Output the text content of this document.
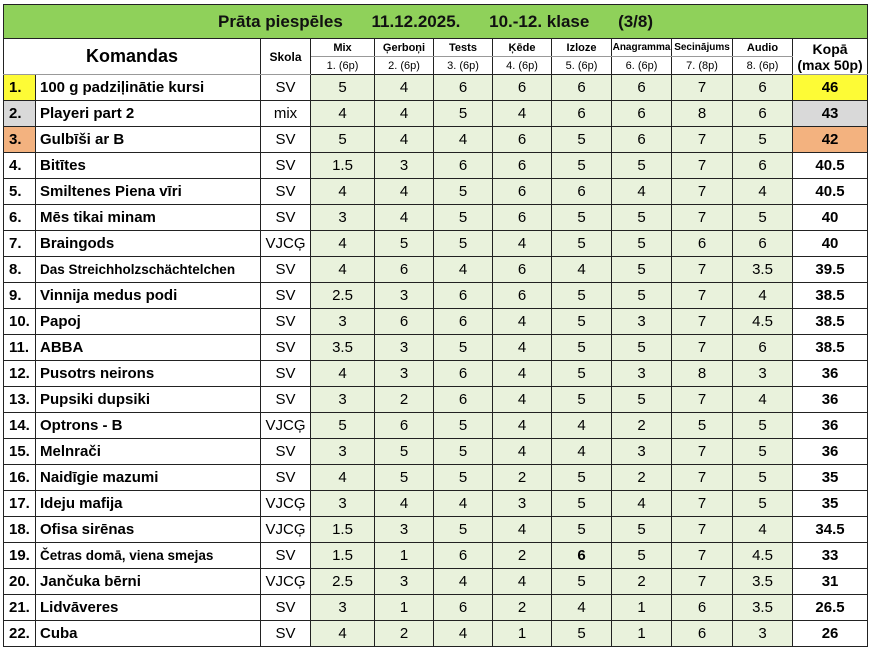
Prāta piespēles 11.12.2025. 10.-12. klase (3/8)											
Komandas		Skola	Mix	Ģerboņi	Tests	Ķēde	Izloze	Anagramma	Secinājums	Audio	Kopā
(max 50p)
			1. (6p)	2. (6p)	3. (6p)	4. (6p)	5. (6p)	6. (6p)	7. (8p)	8. (6p)	
1.	100 g padziļinātie kursi	SV	5	4	6	6	6	6	7	6	46
2.	Playeri part 2	mix	4	4	5	4	6	6	8	6	43
3.	Gulbīši ar B	SV	5	4	4	6	5	6	7	5	42
4.	Bitītes	SV	1.5	3	6	6	5	5	7	6	40.5
5.	Smiltenes Piena vīri	SV	4	4	5	6	6	4	7	4	40.5
6.	Mēs tikai minam	SV	3	4	5	6	5	5	7	5	40
7.	Braingods	VJCĢ	4	5	5	4	5	5	6	6	40
8.	Das Streichholzschächtelchen	SV	4	6	4	6	4	5	7	3.5	39.5
9.	Vinnija medus podi	SV	2.5	3	6	6	5	5	7	4	38.5
10.	Papoj	SV	3	6	6	4	5	3	7	4.5	38.5
11.	ABBA	SV	3.5	3	5	4	5	5	7	6	38.5
12.	Pusotrs neirons	SV	4	3	6	4	5	3	8	3	36
13.	Pupsiki dupsiki	SV	3	2	6	4	5	5	7	4	36
14.	Optrons - B	VJCĢ	5	6	5	4	4	2	5	5	36
15.	Melnrači	SV	3	5	5	4	4	3	7	5	36
16.	Naidīgie mazumi	SV	4	5	5	2	5	2	7	5	35
17.	Ideju mafija	VJCĢ	3	4	4	3	5	4	7	5	35
18.	Ofisa sirēnas	VJCĢ	1.5	3	5	4	5	5	7	4	34.5
19.	Četras domā, viena smejas	SV	1.5	1	6	2	6	5	7	4.5	33
20.	Jančuka bērni	VJCĢ	2.5	3	4	4	5	2	7	3.5	31
21.	Lidvāveres	SV	3	1	6	2	4	1	6	3.5	26.5
22.	Cuba	SV	4	2	4	1	5	1	6	3	26
